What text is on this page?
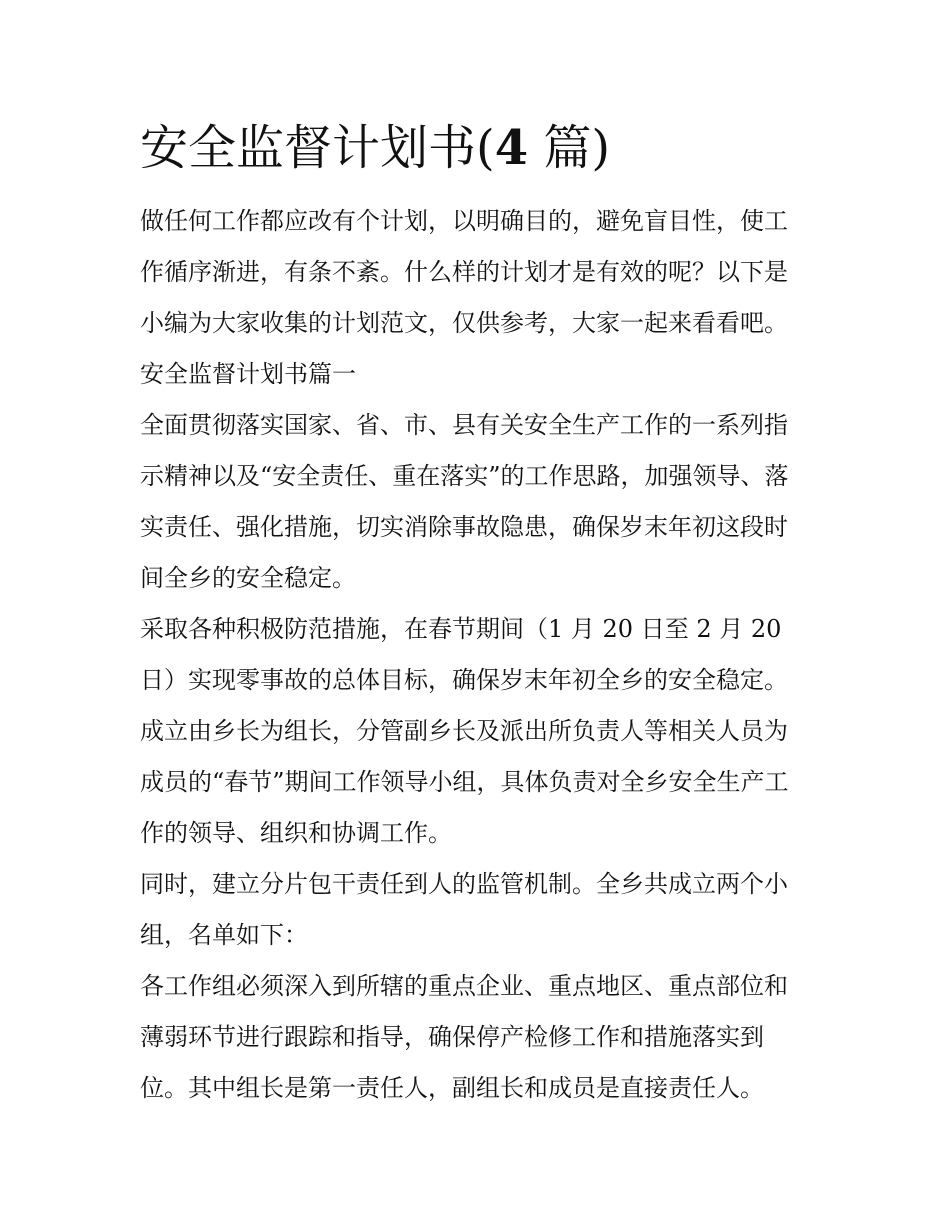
安全监督计划书(4 篇)
做任何工作都应改有个计划，以明确目的，避免盲目性，使工
作循序渐进，有条不紊。什么样的计划才是有效的呢？以下是
小编为大家收集的计划范文，仅供参考，大家一起来看看吧。
安全监督计划书篇一
全面贯彻落实国家、省、市、县有关安全生产工作的一系列指
示精神以及“安全责任、重在落实”的工作思路，加强领导、落
实责任、强化措施，切实消除事故隐患，确保岁末年初这段时
间全乡的安全稳定。
采取各种积极防范措施，在春节期间（1 月 20 日至 2 月 20
日）实现零事故的总体目标，确保岁末年初全乡的安全稳定。
成立由乡长为组长，分管副乡长及派出所负责人等相关人员为
成员的“春节”期间工作领导小组，具体负责对全乡安全生产工
作的领导、组织和协调工作。
同时，建立分片包干责任到人的监管机制。全乡共成立两个小
组，名单如下：
各工作组必须深入到所辖的重点企业、重点地区、重点部位和
薄弱环节进行跟踪和指导，确保停产检修工作和措施落实到
位。其中组长是第一责任人，副组长和成员是直接责任人。
